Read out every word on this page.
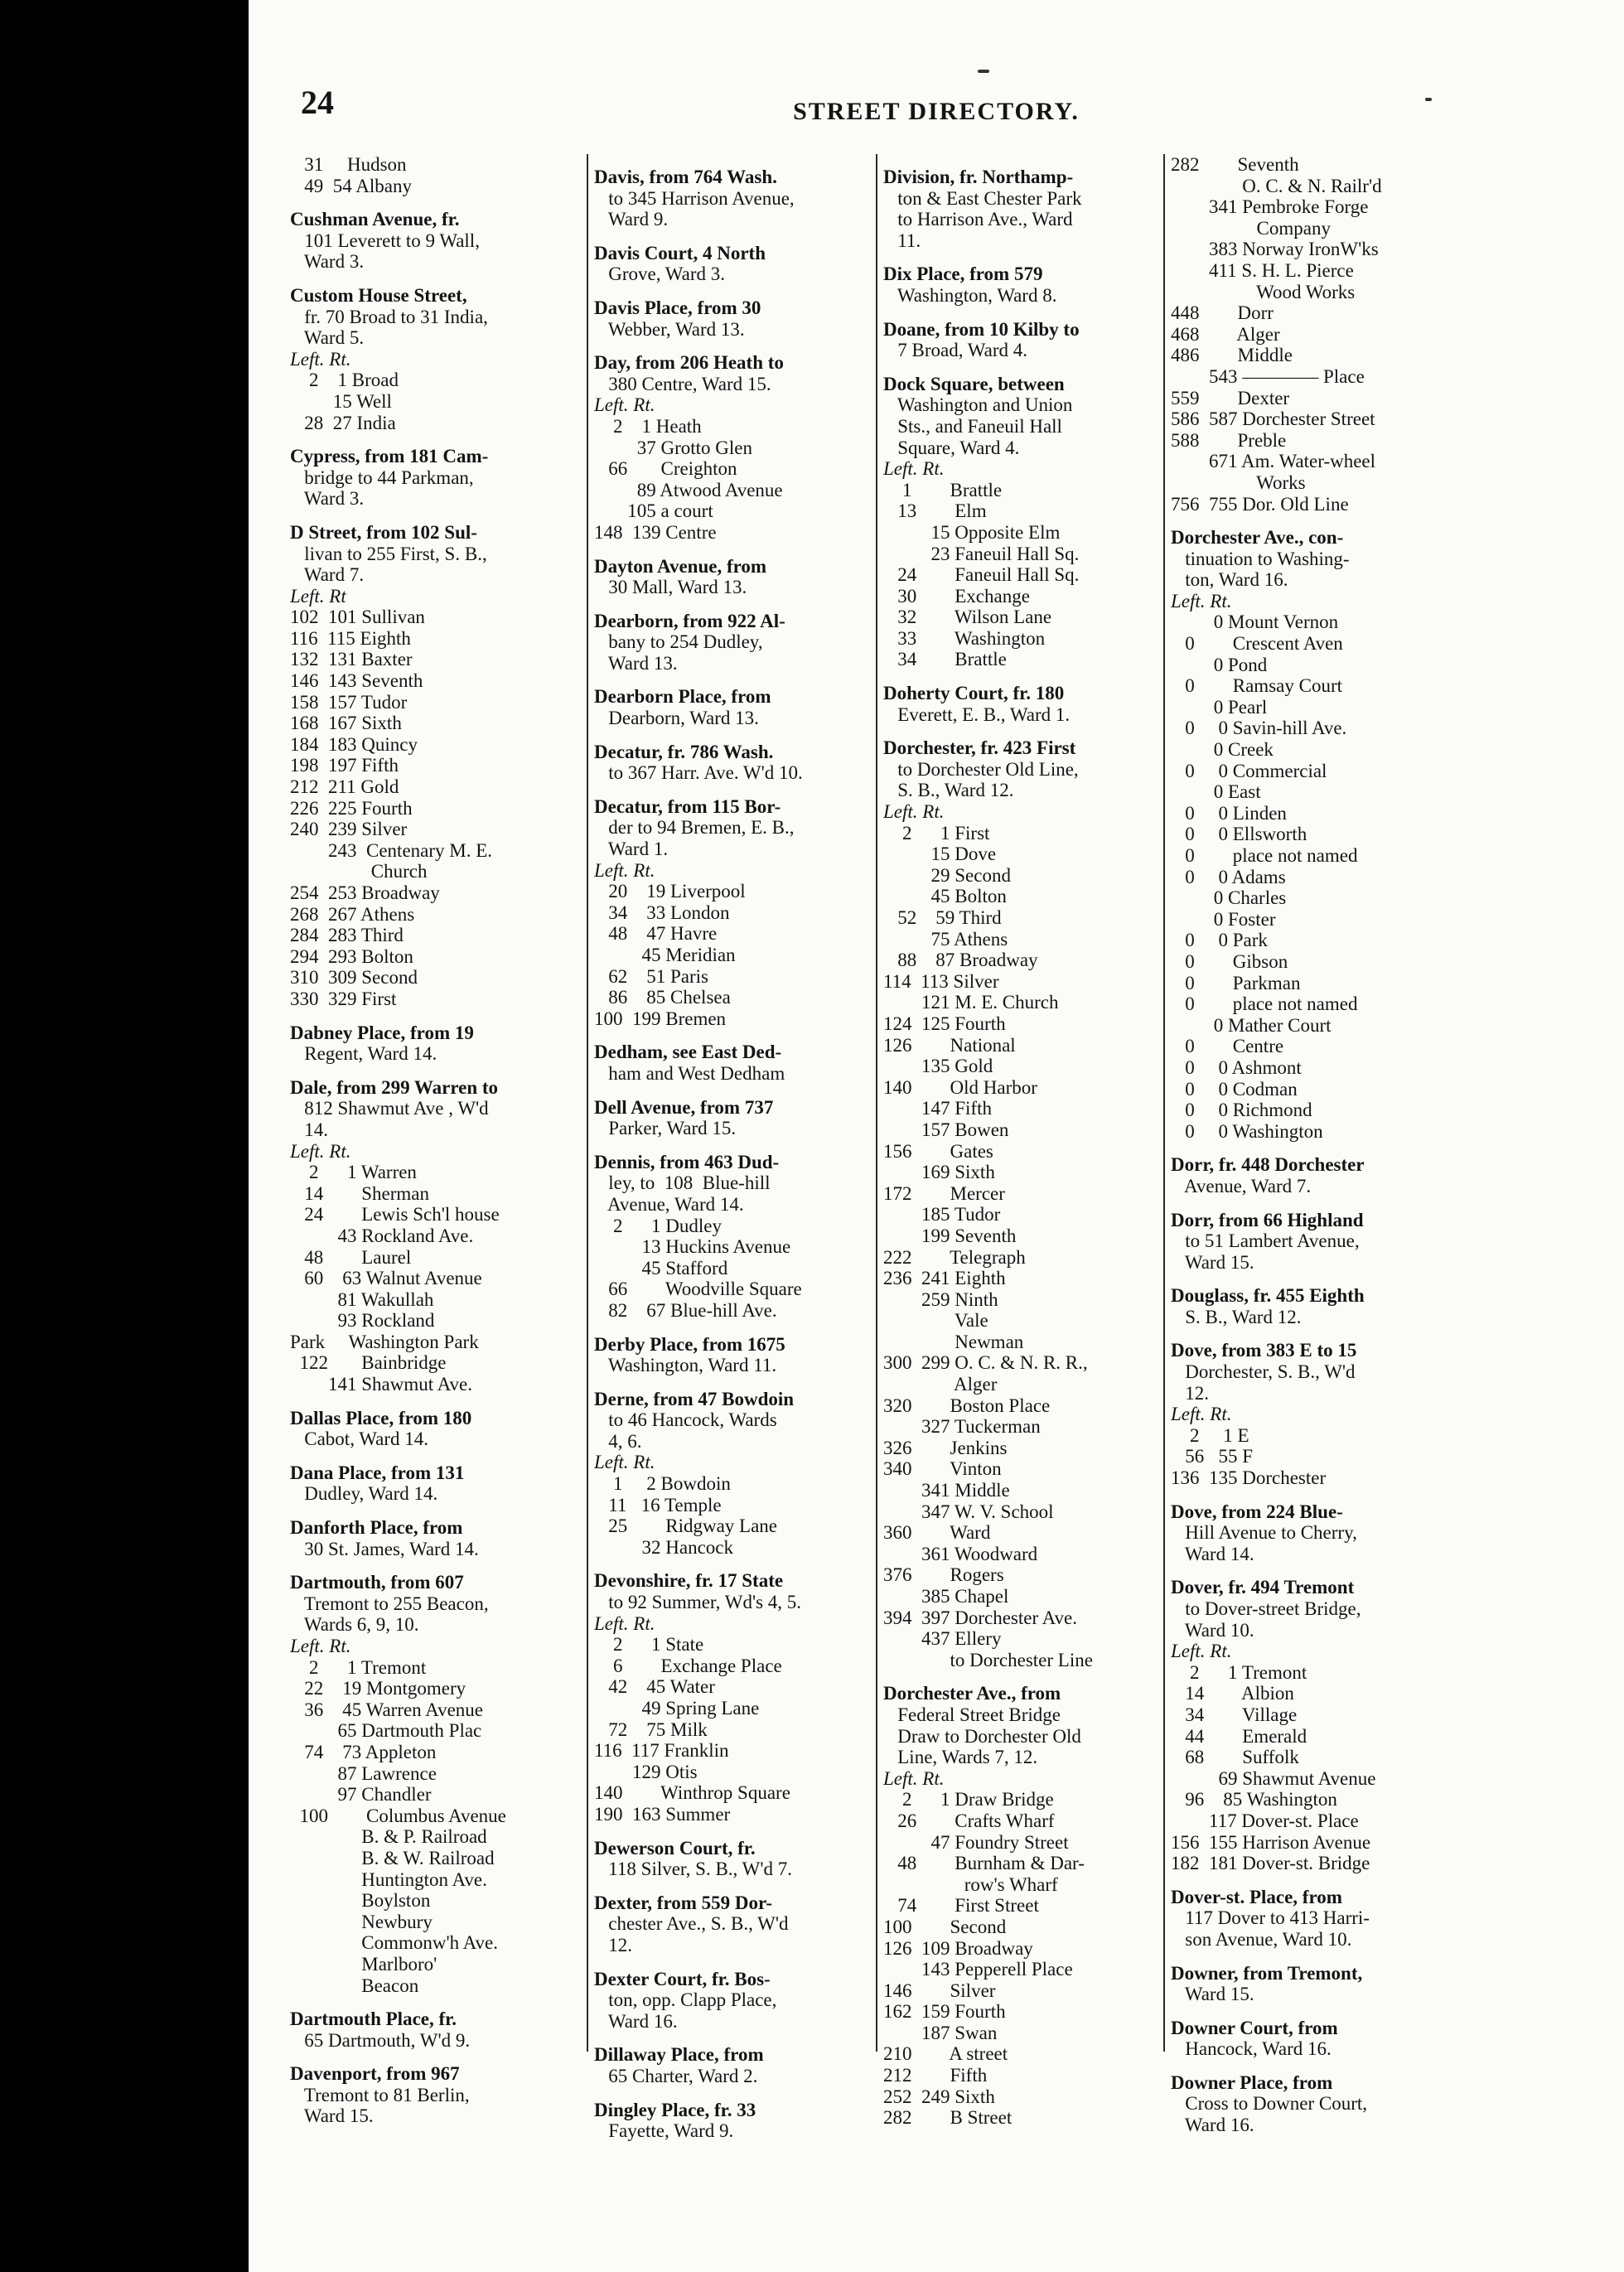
24	STREET DIRECTORY.
31     Hudson
49  54 Albany
Cushman Avenue, fr.
101 Leverett to 9 Wall,
Ward 3.
Custom House Street,
fr. 70 Broad to 31 India,
Ward 5.
Left. Rt.
2    1 Broad
15 Well
28  27 India
Cypress, from 181 Cam-
bridge to 44 Parkman,
Ward 3.
D Street, from 102 Sul-
livan to 255 First, S. B.,
Ward 7.
Left. Rt
102  101 Sullivan
116  115 Eighth
132  131 Baxter
146  143 Seventh
158  157 Tudor
168  167 Sixth
184  183 Quincy
198  197 Fifth
212  211 Gold
226  225 Fourth
240  239 Silver
243  Centenary M. E.
Church
254  253 Broadway
268  267 Athens
284  283 Third
294  293 Bolton
310  309 Second
330  329 First
Dabney Place, from 19
Regent, Ward 14.
Dale, from 299 Warren to
812 Shawmut Ave , W'd
14.
Left. Rt.
2      1 Warren
14        Sherman
24        Lewis Sch'l house
43 Rockland Ave.
48        Laurel
60    63 Walnut Avenue
81 Wakullah
93 Rockland
Park     Washington Park
122       Bainbridge
141 Shawmut Ave.
Dallas Place, from 180
Cabot, Ward 14.
Dana Place, from 131
Dudley, Ward 14.
Danforth Place, from
30 St. James, Ward 14.
Dartmouth, from 607
Tremont to 255 Beacon,
Wards 6, 9, 10.
Left. Rt.
2      1 Tremont
22    19 Montgomery
36    45 Warren Avenue
65 Dartmouth Plac
74    73 Appleton
87 Lawrence
97 Chandler
100        Columbus Avenue
B. & P. Railroad
B. & W. Railroad
Huntington Ave.
Boylston
Newbury
Commonw'h Ave.
Marlboro'
Beacon
Dartmouth Place, fr.
65 Dartmouth, W'd 9.
Davenport, from 967
Tremont to 81 Berlin,
Ward 15.
Davis, from 764 Wash.
to 345 Harrison Avenue,
Ward 9.
Davis Court, 4 North
Grove, Ward 3.
Davis Place, from 30
Webber, Ward 13.
Day, from 206 Heath to
380 Centre, Ward 15.
Left. Rt.
2    1 Heath
37 Grotto Glen
66       Creighton
89 Atwood Avenue
105 a court
148  139 Centre
Dayton Avenue, from
30 Mall, Ward 13.
Dearborn, from 922 Al-
bany to 254 Dudley,
Ward 13.
Dearborn Place, from
Dearborn, Ward 13.
Decatur, fr. 786 Wash.
to 367 Harr. Ave. W'd 10.
Decatur, from 115 Bor-
der to 94 Bremen, E. B.,
Ward 1.
Left. Rt.
20    19 Liverpool
34    33 London
48    47 Havre
45 Meridian
62    51 Paris
86    85 Chelsea
100  199 Bremen
Dedham, see East Ded-
ham and West Dedham
Dell Avenue, from 737
Parker, Ward 15.
Dennis, from 463 Dud-
ley, to  108  Blue-hill
Avenue, Ward 14.
2      1 Dudley
13 Huckins Avenue
45 Stafford
66        Woodville Square
82    67 Blue-hill Ave.
Derby Place, from 1675
Washington, Ward 11.
Derne, from 47 Bowdoin
to 46 Hancock, Wards
4, 6.
Left. Rt.
1     2 Bowdoin
11   16 Temple
25        Ridgway Lane
32 Hancock
Devonshire, fr. 17 State
to 92 Summer, Wd's 4, 5.
Left. Rt.
2      1 State
6        Exchange Place
42    45 Water
49 Spring Lane
72    75 Milk
116  117 Franklin
129 Otis
140        Winthrop Square
190  163 Summer
Dewerson Court, fr.
118 Silver, S. B., W'd 7.
Dexter, from 559 Dor-
chester Ave., S. B., W'd
12.
Dexter Court, fr. Bos-
ton, opp. Clapp Place,
Ward 16.
Dillaway Place, from
65 Charter, Ward 2.
Dingley Place, fr. 33
Fayette, Ward 9.
Division, fr. Northamp-
ton & East Chester Park
to Harrison Ave., Ward
11.
Dix Place, from 579
Washington, Ward 8.
Doane, from 10 Kilby to
7 Broad, Ward 4.
Dock Square, between
Washington and Union
Sts., and Faneuil Hall
Square, Ward 4.
Left. Rt.
1        Brattle
13        Elm
15 Opposite Elm
23 Faneuil Hall Sq.
24        Faneuil Hall Sq.
30        Exchange
32        Wilson Lane
33        Washington
34        Brattle
Doherty Court, fr. 180
Everett, E. B., Ward 1.
Dorchester, fr. 423 First
to Dorchester Old Line,
S. B., Ward 12.
Left. Rt.
2      1 First
15 Dove
29 Second
45 Bolton
52    59 Third
75 Athens
88    87 Broadway
114  113 Silver
121 M. E. Church
124  125 Fourth
126        National
135 Gold
140        Old Harbor
147 Fifth
157 Bowen
156        Gates
169 Sixth
172        Mercer
185 Tudor
199 Seventh
222        Telegraph
236  241 Eighth
259 Ninth
Vale
Newman
300  299 O. C. & N. R. R.,
Alger
320        Boston Place
327 Tuckerman
326        Jenkins
340        Vinton
341 Middle
347 W. V. School
360        Ward
361 Woodward
376        Rogers
385 Chapel
394  397 Dorchester Ave.
437 Ellery
to Dorchester Line
Dorchester Ave., from
Federal Street Bridge
Draw to Dorchester Old
Line, Wards 7, 12.
Left. Rt.
2      1 Draw Bridge
26        Crafts Wharf
47 Foundry Street
48        Burnham & Dar-
row's Wharf
74        First Street
100        Second
126  109 Broadway
143 Pepperell Place
146        Silver
162  159 Fourth
187 Swan
210        A street
212        Fifth
252  249 Sixth
282        B Street
282        Seventh
O. C. & N. Railr'd
341 Pembroke Forge
Company
383 Norway IronW'ks
411 S. H. L. Pierce
Wood Works
448        Dorr
468        Alger
486        Middle
543 ———— Place
559        Dexter
586  587 Dorchester Street
588        Preble
671 Am. Water-wheel
Works
756  755 Dor. Old Line
Dorchester Ave., con-
tinuation to Washing-
ton, Ward 16.
Left. Rt.
0 Mount Vernon
0        Crescent Aven
0 Pond
0        Ramsay Court
0 Pearl
0     0 Savin-hill Ave.
0 Creek
0     0 Commercial
0 East
0     0 Linden
0     0 Ellsworth
0        place not named
0     0 Adams
0 Charles
0 Foster
0     0 Park
0        Gibson
0        Parkman
0        place not named
0 Mather Court
0        Centre
0     0 Ashmont
0     0 Codman
0     0 Richmond
0     0 Washington
Dorr, fr. 448 Dorchester
Avenue, Ward 7.
Dorr, from 66 Highland
to 51 Lambert Avenue,
Ward 15.
Douglass, fr. 455 Eighth
S. B., Ward 12.
Dove, from 383 E to 15
Dorchester, S. B., W'd
12.
Left. Rt.
2     1 E
56   55 F
136  135 Dorchester
Dove, from 224 Blue-
Hill Avenue to Cherry,
Ward 14.
Dover, fr. 494 Tremont
to Dover-street Bridge,
Ward 10.
Left. Rt.
2      1 Tremont
14        Albion
34        Village
44        Emerald
68        Suffolk
69 Shawmut Avenue
96    85 Washington
117 Dover-st. Place
156  155 Harrison Avenue
182  181 Dover-st. Bridge
Dover-st. Place, from
117 Dover to 413 Harri-
son Avenue, Ward 10.
Downer, from Tremont,
Ward 15.
Downer Court, from
Hancock, Ward 16.
Downer Place, from
Cross to Downer Court,
Ward 16.
